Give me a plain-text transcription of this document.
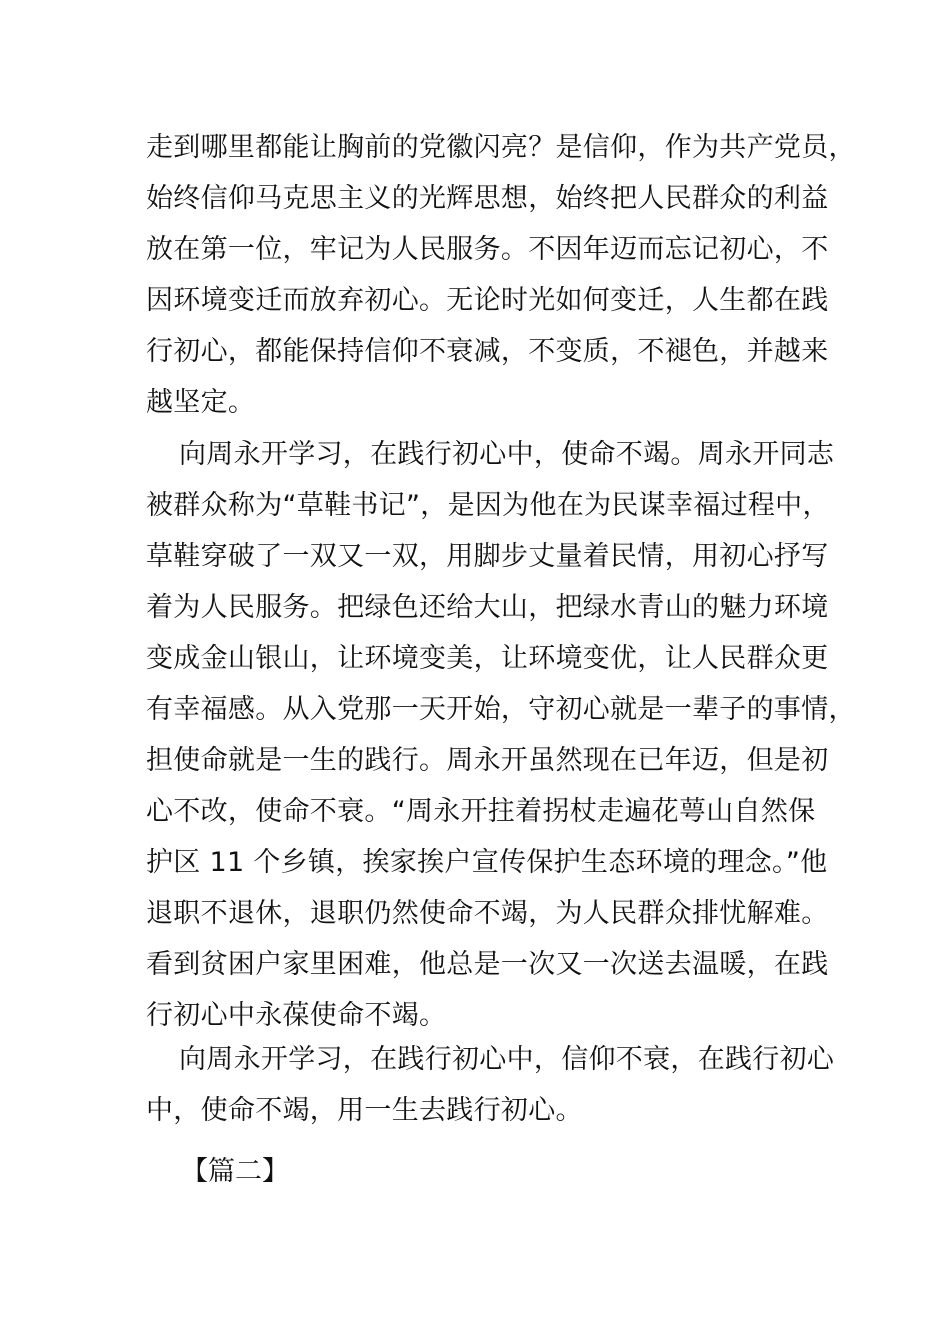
走到哪里都能让胸前的党徽闪亮？是信仰，作为共产党员，
始终信仰马克思主义的光辉思想，始终把人民群众的利益
放在第一位，牢记为人民服务。不因年迈而忘记初心，不
因环境变迁而放弃初心。无论时光如何变迁，人生都在践
行初心，都能保持信仰不衰减，不变质，不褪色，并越来
越坚定。
向周永开学习，在践行初心中，使命不竭。周永开同志
被群众称为“草鞋书记”，是因为他在为民谋幸福过程中，
草鞋穿破了一双又一双，用脚步丈量着民情，用初心抒写
着为人民服务。把绿色还给大山，把绿水青山的魅力环境
变成金山银山，让环境变美，让环境变优，让人民群众更
有幸福感。从入党那一天开始，守初心就是一辈子的事情，
担使命就是一生的践行。周永开虽然现在已年迈，但是初
心不改，使命不衰。“周永开拄着拐杖走遍花萼山自然保
护区 11 个乡镇，挨家挨户宣传保护生态环境的理念。”他
退职不退休，退职仍然使命不竭，为人民群众排忧解难。
看到贫困户家里困难，他总是一次又一次送去温暖，在践
行初心中永葆使命不竭。
向周永开学习，在践行初心中，信仰不衰，在践行初心
中，使命不竭，用一生去践行初心。
【篇二】
